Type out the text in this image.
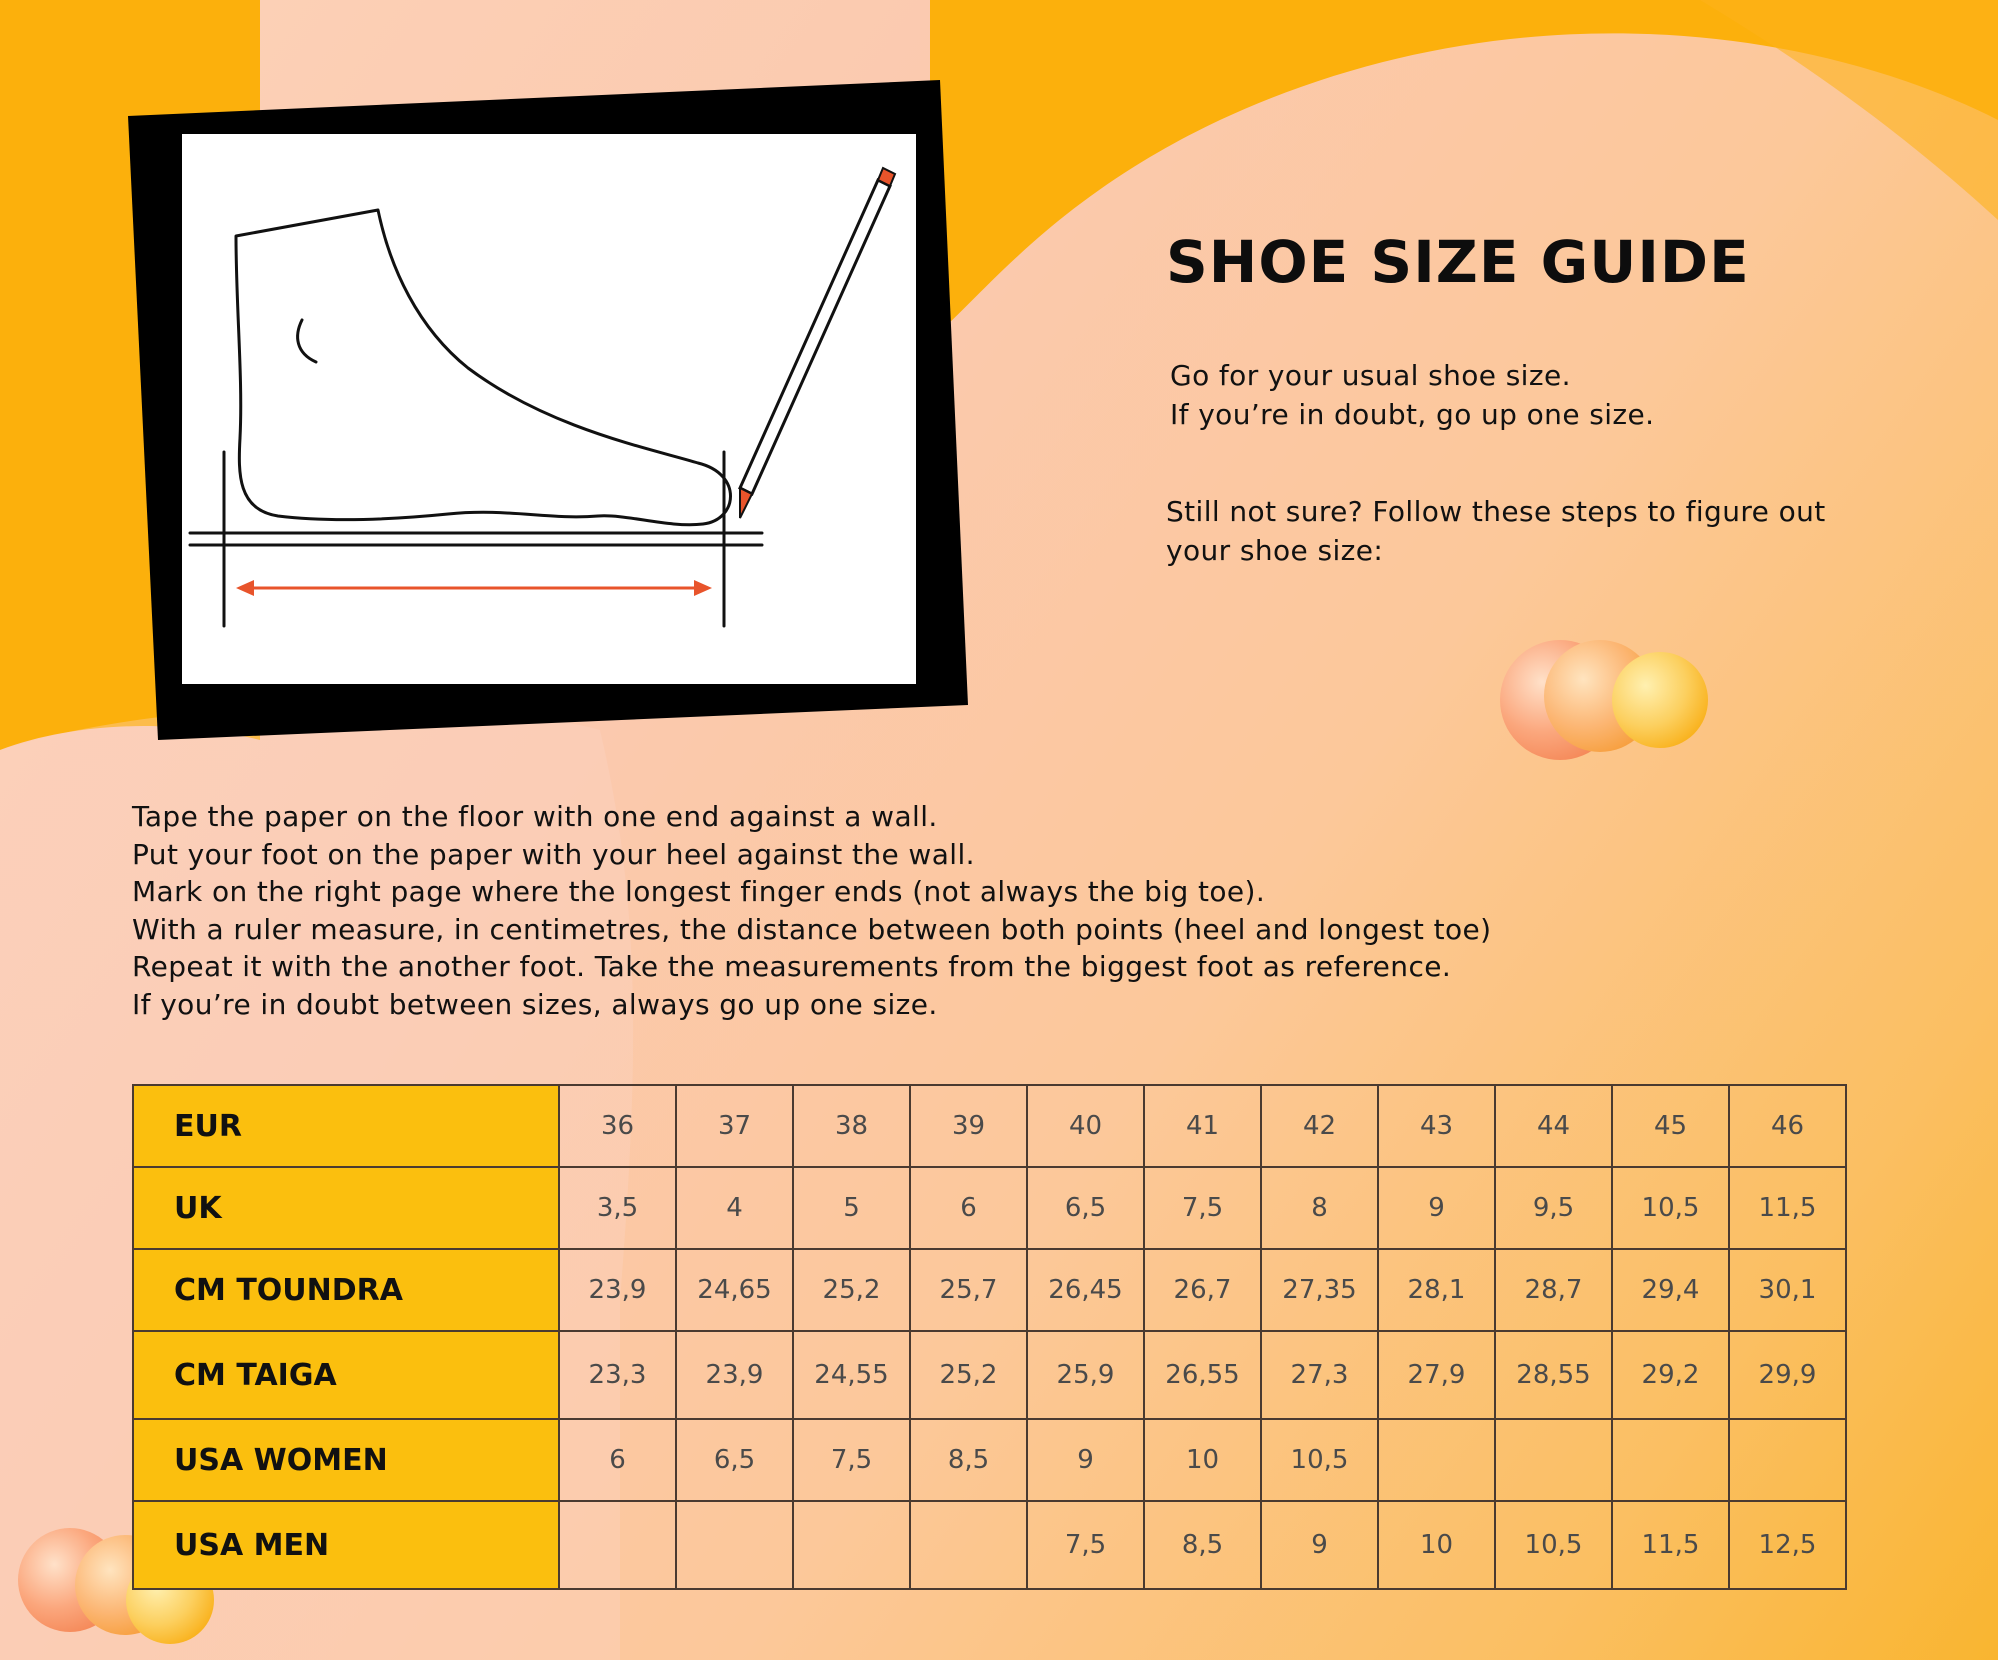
SHOE SIZE GUIDE
Go for your usual shoe size.
If you’re in doubt, go up one size.
Still not sure? Follow these steps to figure out your shoe size:
Tape the paper on the floor with one end against a wall.
Put your foot on the paper with your heel against the wall.
Mark on the right page where the longest finger ends (not always the big toe).
With a ruler measure, in centimetres, the distance between both points (heel and longest toe)
Repeat it with the another foot. Take the measurements from the biggest foot as reference.
If you’re in doubt between sizes, always go up one size.
EUR	36	37	38	39	40	41	42	43	44	45	46
UK	3,5	4	5	6	6,5	7,5	8	9	9,5	10,5	11,5
CM TOUNDRA	23,9	24,65	25,2	25,7	26,45	26,7	27,35	28,1	28,7	29,4	30,1
CM TAIGA	23,3	23,9	24,55	25,2	25,9	26,55	27,3	27,9	28,55	29,2	29,9
USA WOMEN	6	6,5	7,5	8,5	9	10	10,5				
USA MEN					7,5	8,5	9	10	10,5	11,5	12,5
